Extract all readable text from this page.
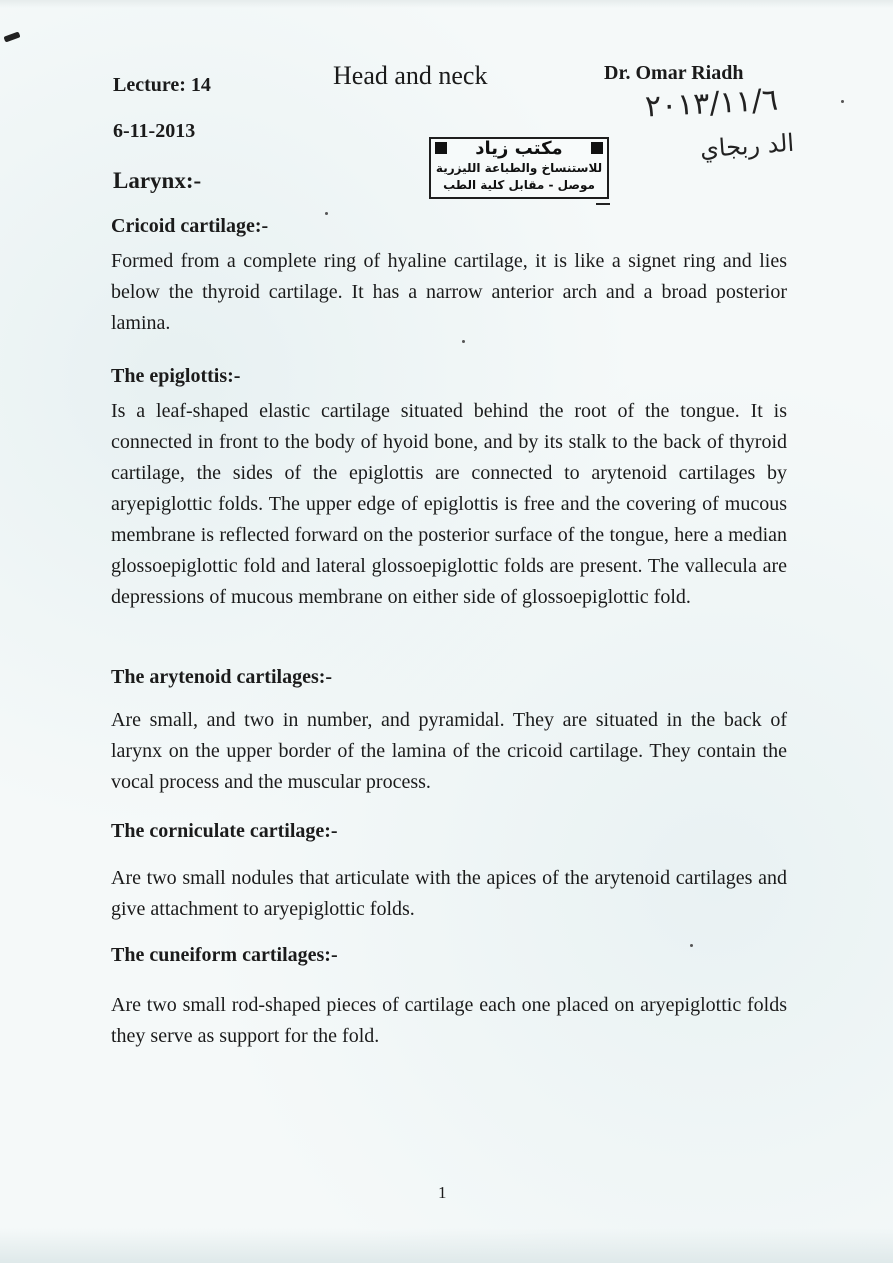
Lecture: 14	Head and neck	Dr. Omar Riadh
6-11-2013
Larynx:-
٢٠١٣/١١/٦
الد ربجاي
مكتب زياد
للاستنساخ والطباعة الليزرية
موصل - مقابل كلية الطب
Cricoid cartilage:-
Formed from a complete ring of hyaline cartilage, it is like a signet ring and lies below the thyroid cartilage. It has a narrow anterior arch and a broad posterior lamina.
The epiglottis:-
Is a leaf-shaped elastic cartilage situated behind the root of the tongue. It is connected in front to the body of hyoid bone, and by its stalk to the back of thyroid cartilage, the sides of the epiglottis are connected to arytenoid cartilages by aryepiglottic folds. The upper edge of epiglottis is free and the covering of mucous membrane is reflected forward on the posterior surface of the tongue, here a median glossoepiglottic fold and lateral glossoepiglottic folds are present. The vallecula are depressions of mucous membrane on either side of glossoepiglottic fold.
The arytenoid cartilages:-
Are small, and two in number, and pyramidal. They are situated in the back of larynx on the upper border of the lamina of the cricoid cartilage. They contain the vocal process and the muscular process.
The corniculate cartilage:-
Are two small nodules that articulate with the apices of the arytenoid cartilages and give attachment to aryepiglottic folds.
The cuneiform cartilages:-
Are two small rod-shaped pieces of cartilage each one placed on aryepiglottic folds they serve as support for the fold.
1
